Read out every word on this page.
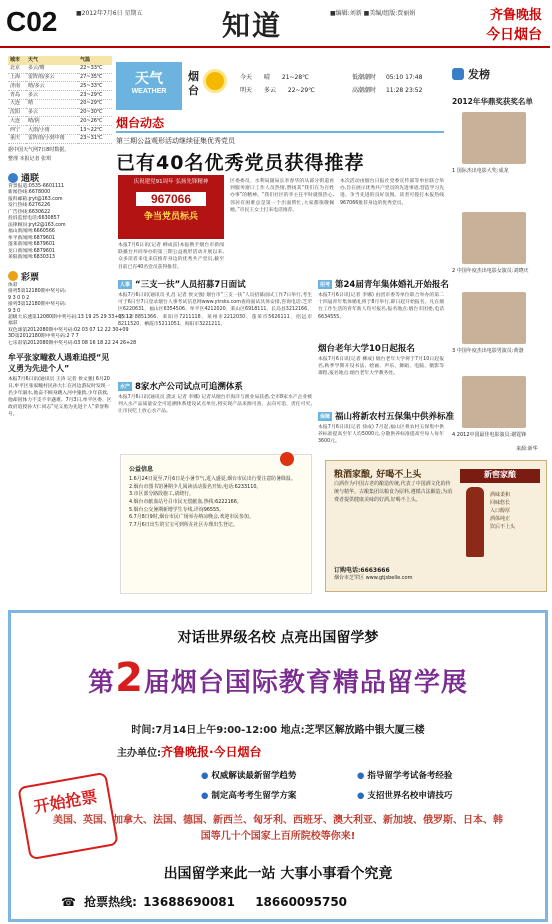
C02	■2012年7月6日 星期五	知道	■编辑:刘新 ■美编/组版:贾丽娟	齐鲁晚报
今日烟台
城市	天气	气温
北京	多云/晴	22~33℃
上海	雷阵雨/多云	27~35℃
济南	晴/多云	25~33℃
青岛	多云	23~29℃
大连	晴	20~29℃
沈阳	多云	20~30℃
大连	晴/阴	20~26℃
西宁	大雨/小雨	13~22℃
重庆	雷阵雨/小到中雨	23~31℃
据中国天气网7日8时数据。
整理 本报记者 张琪
通联
背景报道:0535-6601111
新闻热线:6678000
报料邮箱:jryt@163.com
发行热线:6276226
广告热线:6630622
投诉监督电话:6630857
法律顾问:jryt2@163.com
福山新闻网:6660566
牟平新闻网:6879601
蓬莱新闻网:6879601
龙口新闻网:6879601
莱阳新闻网:6830313
彩票
体彩
排列5第12180期中奖号码:
9 3 0 0 2
排列3第12180期中奖号码:
9 3 0
超级大乐透第12080期中奖号码:13 19 25 29 33+05 12
福彩
双色球第2012080期中奖号码:02 03 07 12 22 30+09
3D第2012180期中奖号码:2 7 7
七乐彩第2012080期中奖号码:03 08 16 18 22 24 26+28
牟平张家疃救人遇难追授“见义勇为先进个人”
本报7月6日讯(通讯员 王涛 记者 侯文强) 6月20日,牟平区张家疃村民孙大仁在河边游玩时发现一名少年溺水,他奋不顾身跳入河中施救,少年获救,他却因体力不支不幸遇难。7月3日,牟平区委、区政府追授孙大仁同志“见义勇为先进个人”荣誉称号。
天气
WEATHER
烟台
今天 晴 21~28℃
明天 多云 22~29℃
低潮潮时 05:10 17:48
高潮潮时 11:28 23:52
发榜
烟台动态
第三期公益观形活动继续征集优秀党员
已有40名优秀党员获得推荐
庆祝建党91周年 弘扬先锋精神
967066
争当党员标兵
本报7月6日讯(记者 柳成雷)本报携手烟台市新闻联播台共同举办的第三期公益观形活动开展以来,众多读者来电来信推荐身边的优秀共产党员,截至目前已有40名党员获得推荐。
区委委员、水利局副局长李春华的从部分街道看到服务窗口工作人员热情,赞扬其“我们在为百姓办事”的精神。“我们社区的李主任平时就很热心,邻居有困难总是第一个出面帮忙,大家都很敬佩她。”市民王女士打来电话推荐。
本次活动由烟台日报社党委宣传部等单位联合举办,旨在展示优秀共产党员的先进事迹,营造学习先进、争当先进的良好氛围。读者可拨打本报热线967066推荐身边的优秀党员。
人事 “三支一扶”人员招募7日面试
本报7月6日讯(通讯员 孔昌 记者 侯文强) 烟台市“三支一扶”人员招募面试工作7日举行,考生可于6日至7日登录烟台人事考试信息网www.ytrsks.com查询面试具体安排,咨询电话:芝罘区6220631、福山区6354506、牟平区4212020、莱山区6918111、长岛县3212166、龙口市8851366、莱阳市7211118、莱州市2212030、蓬莱市5626111、招远市8211520、栖霞市5211051、海阳市3221211。
水产 8家水产公司试点可追溯体系
本报7月6日讯(通讯员 潇灵 记者 李娜) 记者从烟台市海洋与渔业局获悉,全市8家水产企业被列入水产品质量安全可追溯体系建设试点单位,将实现产品来源可查、去向可追、责任可究,让市民吃上放心水产品。
招考 第24届青年集体婚礼开始报名
本报7月6日讯(记者 李娜) 由团市委等单位联合举办的第二十四届青年集体婚礼将于8月举行,即日起开始报名。凡在烟台工作生活的青年新人均可报名,报名地点:烟台市团委,电话6634555。
烟台老年大学10日起报名
本报7月6日讯(记者 柳成) 烟台老年大学将于7月10日起报名,秋季学期开设书法、绘画、声乐、舞蹈、电脑、摄影等课程,报名地点:烟台老年大学教务处。
保障 福山将新农村五保集中供养标准
本报7月6日讯(记者 徐成) 7月起,福山区将农村五保集中供养标准提高至年人均5000元,分散供养标准提高至每人每年3600元。
公益信息
1.6月24日夏至,7月6日是小暑节气,进入盛夏,烟台市民出行要注意防暑降温。
2.烟台市图书馆暑期少儿阅读活动报名开始,电话:6233110。
3.市区部分路段施工,请绕行。
4.烟台市献血站号召市民无偿献血,热线:6222166。
5.烟台公交暑期新增学生专线,详询96555。
6.7月8日9时,烟台市民广场举办纳凉晚会,欢迎市民参加。
7.7月6日出生的宝宝可到所在社区办理出生登记。
2012年华鼎奖获奖名单
1 国际杰出电影大奖:成龙
2 中国年度杰出电影女演员:刘晓庆
3 中国年度杰出电影男演员:黄渤
4 2012中国最佳电影演员:谢霆锋
来源:新华
粮酒家酿, 好喝不上头
白酒作为中国古老的酿造传统,代表了中国酒文化的传统与精华。古酿集团以粮食为原料,遵循古法酿造,为消费者提供健康美味的好酒,好喝不上头。
新窖家酿
酒味柔和
回味悠长
入口醇厚
酒体纯正
饮后不上头
订购电话:6663666
烟台市芝罘区 www.gtjsbelle.com
对话世界级名校 点亮出国留学梦
第2届烟台国际教育精品留学展
时间:7月14日上午9:00-12:00 地点:芝罘区解放路中银大厦三楼
主办单位:齐鲁晚报·今日烟台
开始抢票
● 权威解读最新留学趋势	● 指导留学考试备考经验
● 制定高考考生留学方案	● 支招世界名校申请技巧
美国、英国、加拿大、法国、德国、新西兰、匈牙利、西班牙、澳大利亚、新加坡、俄罗斯、日本、韩国等几十个国家上百所院校等你来!
出国留学来此一站 大事小事看个究竟
☎ 抢票热线: 13688690081 18660095750
